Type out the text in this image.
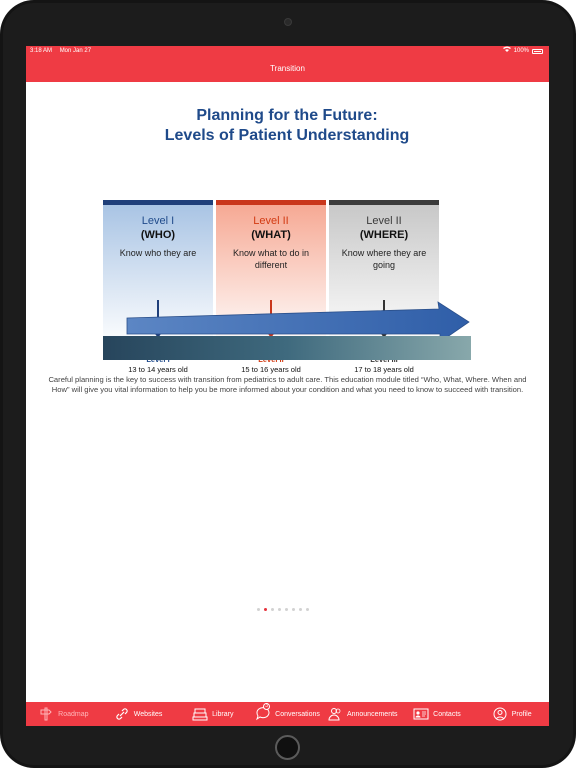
3:18 AM Mon Jan 27	100%
Transition
Planning for the Future:
Levels of Patient Understanding
Level I
(WHO)
Know who they are
13 to 14 years old
Level II
(WHAT)
Know what to do in different
15 to 16 years old
Level II
(WHERE)
Know where they are going
17 to 18 years old

Careful planning is the key to success with transition from pediatrics to adult care. This education module titled “Who, What, Where. When and How” will give you vital information to help you be more informed about your condition and what you need to know to succeed with transition.

Roadmap	Websites	Library
3
Conversations	Announcements	Contacts	Profile
